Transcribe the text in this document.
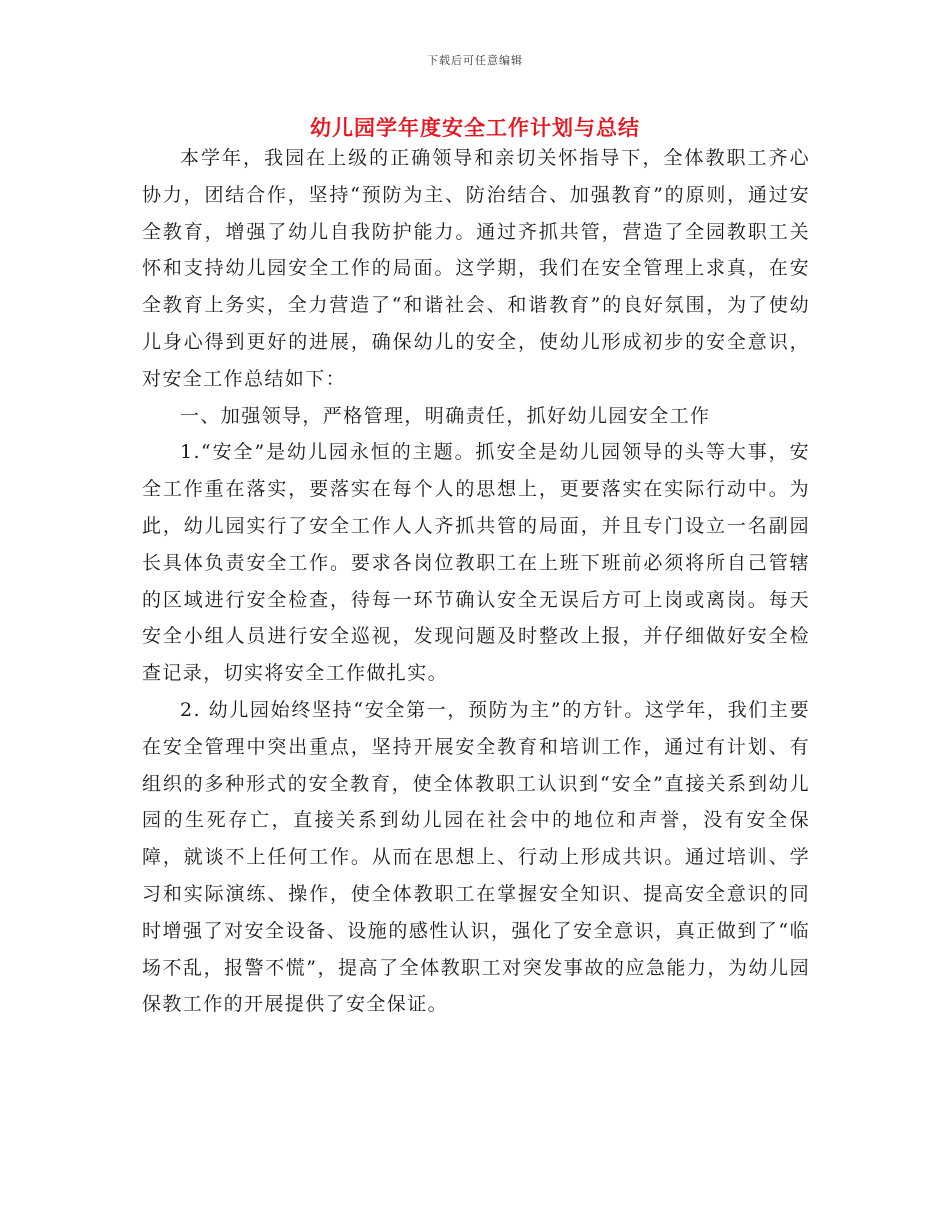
下载后可任意编辑
幼儿园学年度安全工作计划与总结

本学年，我园在上级的正确领导和亲切关怀指导下，全体教职工齐心协力，团结合作，坚持“预防为主、防治结合、加强教育”的原则，通过安全教育，增强了幼儿自我防护能力。通过齐抓共管，营造了全园教职工关怀和支持幼儿园安全工作的局面。这学期，我们在安全管理上求真，在安全教育上务实，全力营造了“和谐社会、和谐教育”的良好氛围，为了使幼儿身心得到更好的进展，确保幼儿的安全，使幼儿形成初步的安全意识，对安全工作总结如下：

一、加强领导，严格管理，明确责任，抓好幼儿园安全工作

1.“安全”是幼儿园永恒的主题。抓安全是幼儿园领导的头等大事，安全工作重在落实，要落实在每个人的思想上，更要落实在实际行动中。为此，幼儿园实行了安全工作人人齐抓共管的局面，并且专门设立一名副园长具体负责安全工作。要求各岗位教职工在上班下班前必须将所自己管辖的区域进行安全检查，待每一环节确认安全无误后方可上岗或离岗。每天安全小组人员进行安全巡视，发现问题及时整改上报，并仔细做好安全检查记录，切实将安全工作做扎实。

2. 幼儿园始终坚持“安全第一，预防为主”的方针。这学年，我们主要在安全管理中突出重点，坚持开展安全教育和培训工作，通过有计划、有组织的多种形式的安全教育，使全体教职工认识到“安全”直接关系到幼儿园的生死存亡，直接关系到幼儿园在社会中的地位和声誉，没有安全保障，就谈不上任何工作。从而在思想上、行动上形成共识。通过培训、学习和实际演练、操作，使全体教职工在掌握安全知识、提高安全意识的同时增强了对安全设备、设施的感性认识，强化了安全意识，真正做到了“临场不乱，报警不慌”，提高了全体教职工对突发事故的应急能力，为幼儿园保教工作的开展提供了安全保证。
